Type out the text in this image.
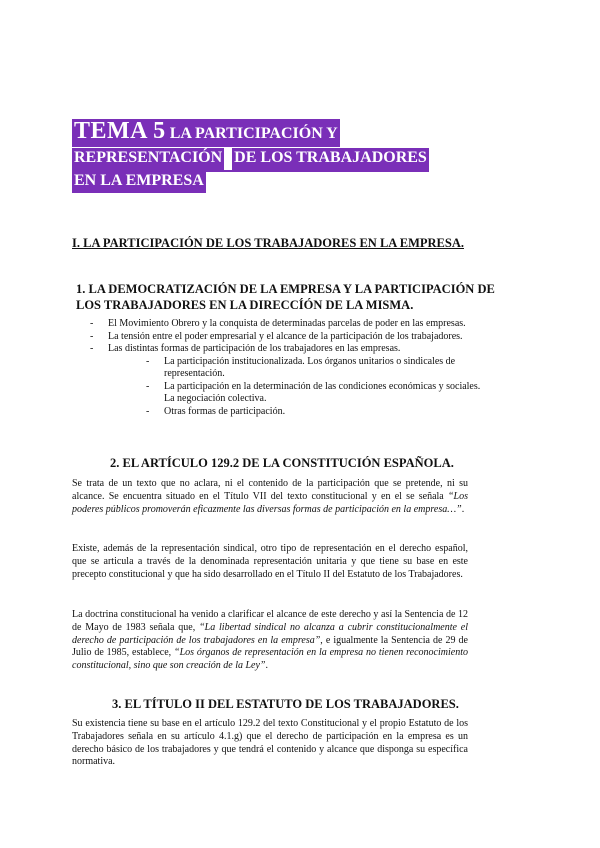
TEMA 5 LA PARTICIPACIÓN Y
REPRESENTACIÓN DE LOS TRABAJADORES
EN LA EMPRESA
I. LA PARTICIPACIÓN DE LOS TRABAJADORES EN LA EMPRESA.
1. LA DEMOCRATIZACIÓN DE LA EMPRESA Y LA PARTICIPACIÓN DE LOS TRABAJADORES EN LA DIRECCÍÓN DE LA MISMA.
- El Movimiento Obrero y la conquista de determinadas parcelas de poder en las empresas.
- La tensión entre el poder empresarial y el alcance de la participación de los trabajadores.
- Las distintas formas de participación de los trabajadores en las empresas.
- La participación institucionalizada. Los órganos unitarios o sindicales de representación.
- La participación en la determinación de las condiciones económicas y sociales. La negociación colectiva.
- Otras formas de participación.
2. EL ARTÍCULO 129.2 DE LA CONSTITUCIÓN ESPAÑOLA.

Se trata de un texto que no aclara, ni el contenido de la participación que se pretende, ni su alcance. Se encuentra situado en el Título VII del texto constitucional y en el se señala “Los poderes públicos promoverán eficazmente las diversas formas de participación en la empresa…”.

Existe, además de la representación sindical, otro tipo de representación en el derecho español, que se articula a través de la denominada representación unitaria y que tiene su base en este precepto constitucional y que ha sido desarrollado en el Título II del Estatuto de los Trabajadores.

La doctrina constitucional ha venido a clarificar el alcance de este derecho y así la Sentencia de 12 de Mayo de 1983 señala que, “La libertad sindical no alcanza a cubrir constitucionalmente el derecho de participación de los trabajadores en la empresa”, e igualmente la Sentencia de 29 de Julio de 1985, establece, “Los órganos de representación en la empresa no tienen reconocimiento constitucional, sino que son creación de la Ley”.

3. EL TÍTULO II DEL ESTATUTO DE LOS TRABAJADORES.

Su existencia tiene su base en el artículo 129.2 del texto Constitucional y el propio Estatuto de los Trabajadores señala en su artículo 4.1.g) que el derecho de participación en la empresa es un derecho básico de los trabajadores y que tendrá el contenido y alcance que disponga su específica normativa.
